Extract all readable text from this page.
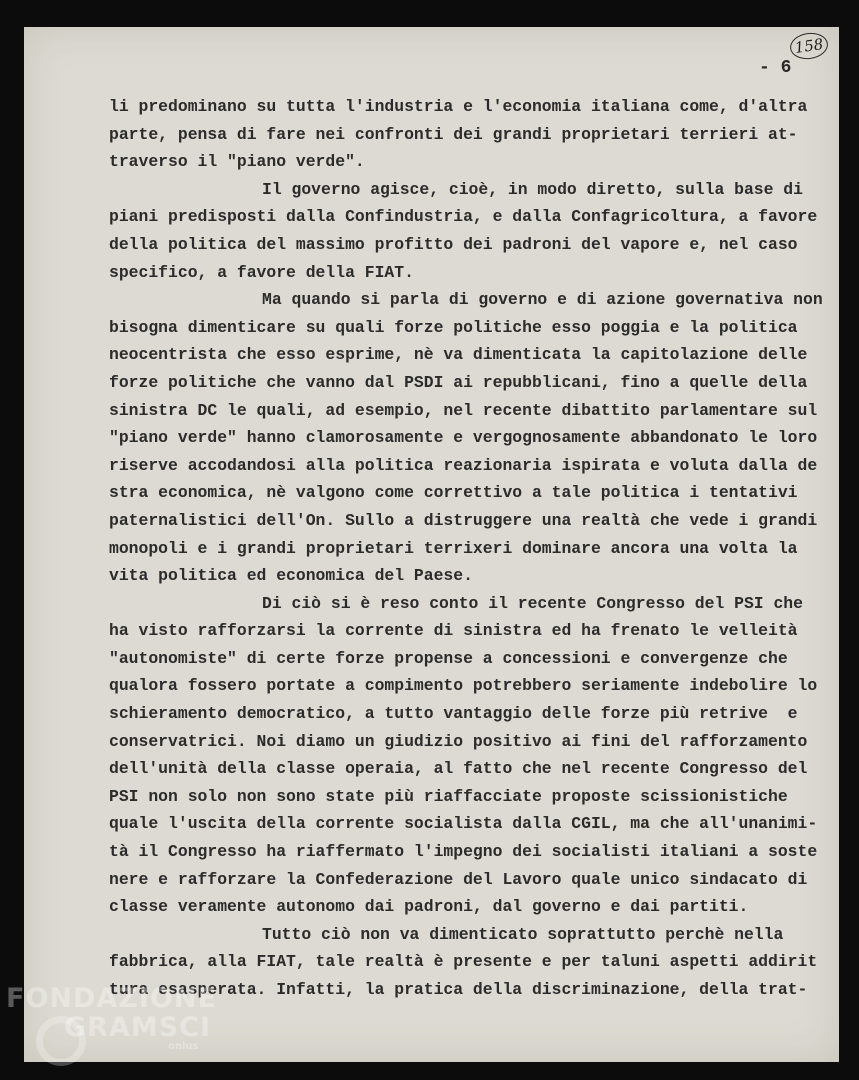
158
- 6
li predominano su tutta l'industria e l'economia italiana come, d'altra
parte, pensa di fare nei confronti dei grandi proprietari terrieri at-
traverso il "piano verde".
Il governo agisce, cioè, in modo diretto, sulla base di
piani predisposti dalla Confindustria, e dalla Confagricoltura, a favore
della politica del massimo profitto dei padroni del vapore e, nel caso
specifico, a favore della FIAT.
Ma quando si parla di governo e di azione governativa non
bisogna dimenticare su quali forze politiche esso poggia e la politica
neocentrista che esso esprime, nè va dimenticata la capitolazione delle
forze politiche che vanno dal PSDI ai repubblicani, fino a quelle della
sinistra DC le quali, ad esempio, nel recente dibattito parlamentare sul
"piano verde" hanno clamorosamente e vergognosamente abbandonato le loro
riserve accodandosi alla politica reazionaria ispirata e voluta dalla de
stra economica, nè valgono come correttivo a tale politica i tentativi
paternalistici dell'On. Sullo a distruggere una realtà che vede i grandi
monopoli e i grandi proprietari terrixeri dominare ancora una volta la
vita politica ed economica del Paese.
Di ciò si è reso conto il recente Congresso del PSI che
ha visto rafforzarsi la corrente di sinistra ed ha frenato le velleità
"autonomiste" di certe forze propense a concessioni e convergenze che
qualora fossero portate a compimento potrebbero seriamente indebolire lo
schieramento democratico, a tutto vantaggio delle forze più retrive  e
conservatrici. Noi diamo un giudizio positivo ai fini del rafforzamento
dell'unità della classe operaia, al fatto che nel recente Congresso del
PSI non solo non sono state più riaffacciate proposte scissionistiche
quale l'uscita della corrente socialista dalla CGIL, ma che all'unanimi-
tà il Congresso ha riaffermato l'impegno dei socialisti italiani a soste
nere e rafforzare la Confederazione del Lavoro quale unico sindacato di
classe veramente autonomo dai padroni, dal governo e dai partiti.
Tutto ciò non va dimenticato soprattutto perchè nella
fabbrica, alla FIAT, tale realtà è presente e per taluni aspetti addirit
tura esasperata. Infatti, la pratica della discriminazione, della trat-
FONDAZIONE
GRAMSCI
onlus
